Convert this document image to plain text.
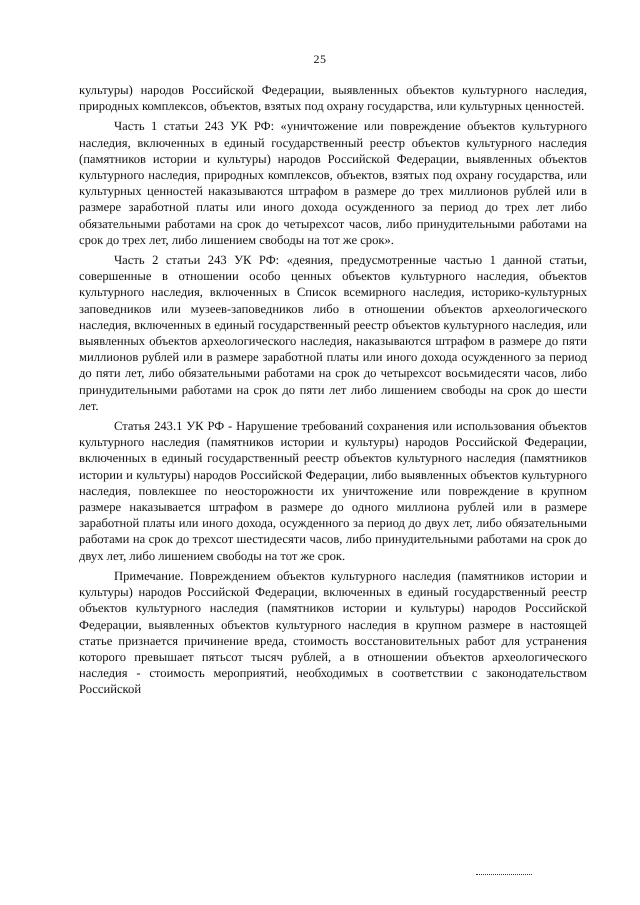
25

культуры) народов Российской Федерации, выявленных объектов культурного наследия, природных комплексов, объектов, взятых под охрану государства, или культурных ценностей.

Часть 1 статьи 243 УК РФ: «уничтожение или повреждение объектов культурного наследия, включенных в единый государственный реестр объектов культурного наследия (памятников истории и культуры) народов Российской Федерации, выявленных объектов культурного наследия, природных комплексов, объектов, взятых под охрану государства, или культурных ценностей наказываются штрафом в размере до трех миллионов рублей или в размере заработной платы или иного дохода осужденного за период до трех лет либо обязательными работами на срок до четырехсот часов, либо принудительными работами на срок до трех лет, либо лишением свободы на тот же срок».

Часть 2 статьи 243 УК РФ: «деяния, предусмотренные частью 1 данной статьи, совершенные в отношении особо ценных объектов культурного наследия, объектов культурного наследия, включенных в Список всемирного наследия, историко-культурных заповедников или музеев-заповедников либо в отношении объектов археологического наследия, включенных в единый государственный реестр объектов культурного наследия, или выявленных объектов археологического наследия, наказываются штрафом в размере до пяти миллионов рублей или в размере заработной платы или иного дохода осужденного за период до пяти лет, либо обязательными работами на срок до четырехсот восьмидесяти часов, либо принудительными работами на срок до пяти лет либо лишением свободы на срок до шести лет.

Статья 243.1 УК РФ - Нарушение требований сохранения или использования объектов культурного наследия (памятников истории и культуры) народов Российской Федерации, включенных в единый государственный реестр объектов культурного наследия (памятников истории и культуры) народов Российской Федерации, либо выявленных объектов культурного наследия, повлекшее по неосторожности их уничтожение или повреждение в крупном размере наказывается штрафом в размере до одного миллиона рублей или в размере заработной платы или иного дохода, осужденного за период до двух лет, либо обязательными работами на срок до трехсот шестидесяти часов, либо принудительными работами на срок до двух лет, либо лишением свободы на тот же срок.

Примечание. Повреждением объектов культурного наследия (памятников истории и культуры) народов Российской Федерации, включенных в единый государственный реестр объектов культурного наследия (памятников истории и культуры) народов Российской Федерации, выявленных объектов культурного наследия в крупном размере в настоящей статье признается причинение вреда, стоимость восстановительных работ для устранения которого превышает пятьсот тысяч рублей, а в отношении объектов археологического наследия - стоимость мероприятий, необходимых в соответствии с законодательством Российской
